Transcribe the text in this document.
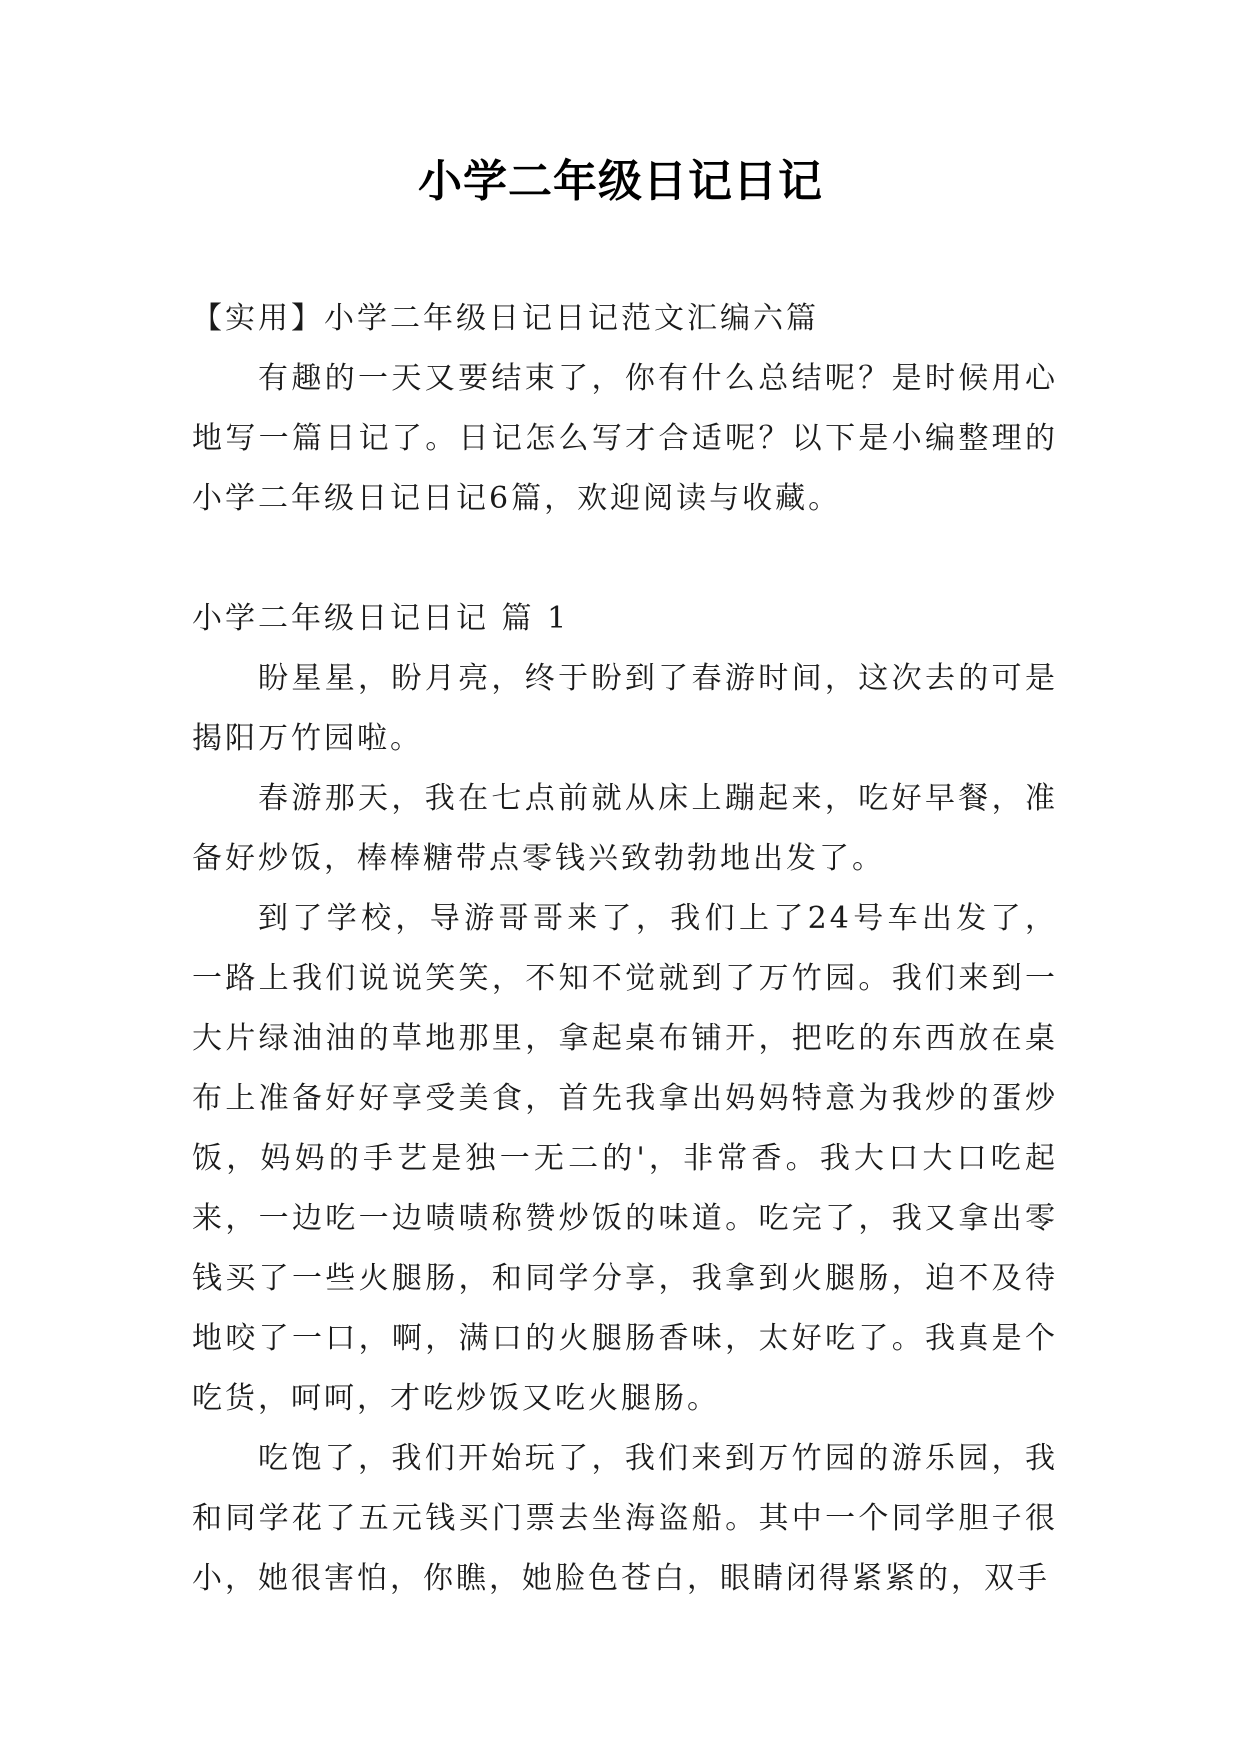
小学二年级日记日记

【实用】小学二年级日记日记范文汇编六篇

有趣的一天又要结束了，你有什么总结呢？是时候用心地写一篇日记了。日记怎么写才合适呢？以下是小编整理的小学二年级日记日记6篇，欢迎阅读与收藏。

小学二年级日记日记 篇 1

盼星星，盼月亮，终于盼到了春游时间，这次去的可是揭阳万竹园啦。

春游那天，我在七点前就从床上蹦起来，吃好早餐，准备好炒饭，棒棒糖带点零钱兴致勃勃地出发了。

到了学校，导游哥哥来了，我们上了24号车出发了，一路上我们说说笑笑，不知不觉就到了万竹园。我们来到一大片绿油油的草地那里，拿起桌布铺开，把吃的东西放在桌布上准备好好享受美食，首先我拿出妈妈特意为我炒的蛋炒饭，妈妈的手艺是独一无二的'，非常香。我大口大口吃起来，一边吃一边啧啧称赞炒饭的味道。吃完了，我又拿出零钱买了一些火腿肠，和同学分享，我拿到火腿肠，迫不及待地咬了一口，啊，满口的火腿肠香味，太好吃了。我真是个吃货，呵呵，才吃炒饭又吃火腿肠。

吃饱了，我们开始玩了，我们来到万竹园的游乐园，我和同学花了五元钱买门票去坐海盗船。其中一个同学胆子很小，她很害怕，你瞧，她脸色苍白，眼睛闭得紧紧的，双手
